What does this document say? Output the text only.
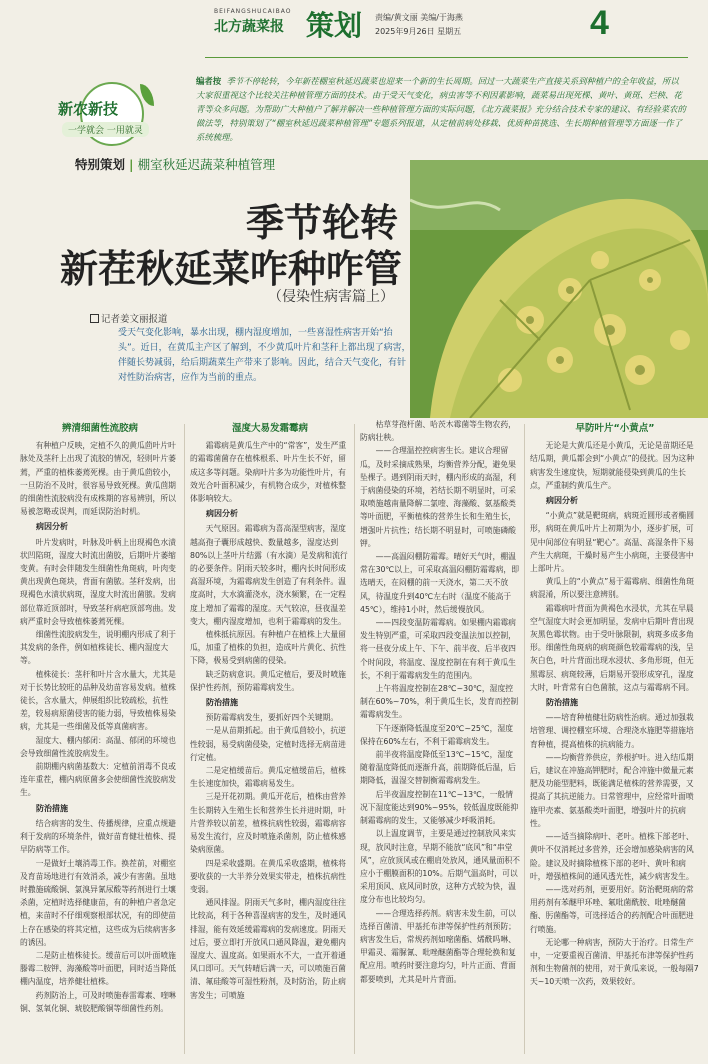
BEIFANGSHUCAIBAO
北方蔬菜报 策划 责编/黄文丽 美编/于海燕
2025年9月26日 星期五	4
新农新技
一学就会 一用就灵
编者按 季节不停轮转，今年新茬棚室秋延迟蔬菜也迎来一个新的生长周期。回过一大蔬菜生产直接关系到种植户的全年收益，所以大家很重视这个比较关注种植管理方面的技术。由于受天气变化，病虫害等不利因素影响，蔬菜易出现死棵、黄叶、黄斑、烂秧、花青等众多问题。为帮助广大种植户了解并解决一些种植管理方面的实际问题，《北方蔬菜报》充分结合技术专家的建议、有经验菜农的做法等，特别策划了“棚室秋延迟蔬菜种植管理”专题系列报道，从定植前病处移栽、优质种苗挑选、生长期种植管理等方面逐一作了系统梳理。
特别策划 | 棚室秋延迟蔬菜种植管理
季节轮转
新茬秋延菜咋种咋管
（侵染性病害篇上）
记者姜文丽报道
受天气变化影响，暴水出现，棚内湿度增加，一些喜湿性病害开始“抬头”。近日，在黄瓜主产区了解到，不少黄瓜叶片和茎秆上都出现了病害，伴随长势减弱，给后期蔬菜生产带来了影响。因此，结合天气变化，有针对性防治病害，应作为当前的重点。
辨清细菌性流胶病

有种植户反映，定植不久的黄瓜茴叶片叶脉处及茎秆上出现了流胶的情况，轻则叶片萎蔫，严重的植株萎蔫死棵。由于黄瓜茴较小，一旦防治不及时，很容易导致死棵。黄瓜茴期的细菌性流胶病没有成株期的容易辨别，所以易被忽略或误判，而延误防治时机。

病因分析

叶片发病时，叶脉及叶柄上出现褐色水渍状凹陷斑，湿度大时流出菌胶，后期叶片萎缩变黄。有时会伴随发生细菌性角斑病，叶肉变黄出现黄色斑块，背面有菌脓。茎秆发病，出现褐色水渍状病斑，湿度大时流出菌脓。发病部位靠近顶部时，导致茎秆病疤顶部弯曲。发病严重时会导致植株萎蔫死棵。

细菌性流胶病发生，说明棚内形成了利于其发病的条件，例如植株徒长、棚内湿度大等。

植株徒长：茎秆和叶片含水量大，尤其是对于长势比较旺的品种及幼苗容易发病。植株徒长，含水量大，伸展组织比较疏松，抗性差，较易病原菌侵害的能力弱，导致植株易染病，尤其是一些细菌及低等真菌病害。

湿度大、棚内郁闭：高温、郁闭的环境也会导致细菌性流胶病发生。

前期棚内病菌基数大：定植前消毒不良或连年重茬，棚内病原菌多会使细菌性流胶病发生。

防治措施

结合病害的发生、传播规律，应重点规避利于发病的环境条件，做好苗育健壮植株、提早防病等工作。

一是做好土壤消毒工作。换茬前，对棚室及育苗场地进行有效消杀，减少有害菌。虽地时撒施硫酸铜、氯溴异氰尿酸等药剂进行土壤杀菌，定植时选择健康苗，有的种植户者急定植，来苗时不仔细观察根部状况，有的即使苗上存在感染的将其定植，这些成为后续病害多的诱因。

二是防止植株徒长。缓苗后可以叶面喷施滕霉二胺钾、海藻酸等叶面肥，同时适当降低棚内温度，培养健壮植株。

药剂防治上，可及时喷施春雷霉素、喹啉铜、氢氧化铜、琥胶肥酸铜等细菌性药剂。

湿度大易发霜霉病

霜霉病是黄瓜生产中的“常客”，发生严重的霜霉菌菌存在植株根系、叶片生长不好，留成这多等问题。染病叶片多为功能性叶片，有效光合叶面积减少，有机物合成少，对植株整体影响较大。

病因分析

天气原因。霜霉病为喜高湿型病害，湿度越高孢子囊形成越快、数量越多，湿度达到80%以上茎叶片结露（有水滴）是发病和流行的必要条件。阴雨天较多时，棚内长时间形成高湿环境，为霜霉病发生创造了有利条件。温度高时，大水滴灌浇水，浇水频繁，在一定程度上增加了霜霉的湿度。天气较凉，昼夜温差变大，棚内湿度增加，也利于霜霉病的发生。

植株抵抗原因。有种植户在植株上大量留瓜，加重了植株的负担，造成叶片黄化、抗性下降，极易受到病菌的侵染。

缺乏防病意识。黄瓜定植后，要及时喷施保护性药剂，预防霜霉病发生。

防治措施

预防霜霉病发生，要抓好四个关键期。

一是从苗期抓起。由于黄瓜茴较小，抗逆性较弱，易受病菌侵染，定植时选择无病苗进行定植。

二是定植缓苗后。黄瓜定植缓苗后，植株生长速度加快，霜霉病易发生。

三是开花初期。黄瓜开花后，植株由营养生长期转入生殖生长和营养生长并进时期，叶片营养较以前差，植株抗病性较弱，霜霉病容易发生流行，应及时喷施杀菌剂，防止植株感染病原菌。

四是采收盛期。在黄瓜采收盛期，植株将要收获的一大半养分效果实带走，植株抗病性变弱。

通风排湿。阴雨天气多时，棚内湿度往往比较高，利于各种喜湿病害的发生，及时通风排湿，能有效延缓霜霉病的发病速度。阴雨天过后，要立即打开放风口通风降温，避免棚内湿度大、温度高。如果雨水不大，一直开着通风口即可。天气转晴后满一天，可以喷施百菌清、氟硅酸等可湿性粉剂，及时防治，防止病害发生；可喷施

枯草芽孢杆菌、哈茨木霉菌等生物农药，防病壮秧。

——合理温控控病害生长。建议合理留瓜，及时采摘成熟果，均衡营养分配，避免果坠棵子。遇到阴雨天时，棚内形成的高湿，利于病菌侵染的环境，若结长期不明显时，可采取喷施越南量降解二氯喹、海藻酸、氨基酸类等叶面肥，平衡植株的营养生长和生殖生长，增强叶片抗性；结长期不明显时，可喷施磷酸钾。

——高温闷棚防霜霉。晴好天气时，棚温常在30℃以上，可采取高温闷棚防霜霉病，即选晴天，在闷棚的前一天浇水，第二天不放风，待温度升到40℃左右时（温度不能高于45℃），维持1小时，然后缓慢放风。

——四段变温防霜霉病。如果棚内霜霉病发生特别严重，可采取四段变温法加以控制，将一昼夜分成上午、下午、前半夜、后半夜四个时间段，将温度、湿度控制在有利于黄瓜生长，不利于霜霉病发生的范围内。

上午将温度控制在28℃~30℃，湿度控制在60%~70%，利于黄瓜生长，发育而控制霜霉病发生。

下午逐渐降低温度至20℃~25℃，湿度保持在60%左右，不利于霜霉病发生。

前半夜将温度降低至13℃~15℃，湿度随着温度降低而逐渐升高，前期降低后温，后期降低，温湿交替制衡霜霉病发生。

后半夜温度控制在11℃~13℃，一般情况下湿度能达到90%~95%，较低温度既能抑制霜霉病的发生，又能够减少呼吸消耗。

以上温度调节，主要是通过控制放风来实现，放风时注意，早期不能放“底风”和“串堂风”，应放顶风或在棚肩处放风，通风量面积不应小于棚膜面积的10%。后期气温高时，可以采用顶风、底风同时放，这种方式较为快，温度分布也比较均匀。

——合理选择药剂。病害未发生前，可以选择百菌清、甲基托布津等保护性药剂预防；病害发生后，常规药剂如嘧菌酯、烯酰吗啉、甲霜灵、霜脲氰、吡唑醚菌酯等合理轮换和复配应用。喷药时要注意均匀，叶片正面、背面都要喷到，尤其是叶片背面。

早防叶片“小黄点”

无论是大黄瓜还是小黄瓜，无论是苗期还是结瓜期，黄瓜都会到“小黄点”的侵扰。因为这种病害发生速度快，短期就能侵染到黄瓜的生长点，严重制约黄瓜生产。

病因分析

“小黄点”就是靶斑病，病斑近圆形或者椭圆形，病斑在黄瓜叶片上初期为小，逐步扩展，可见中间部位有明显“靶心”。高温、高湿条件下易产生大病斑，干燥时易产生小病斑，主要侵害中上部叶片。

黄瓜上的“小黄点”易于霜霉病、细菌性角斑病混淆，所以要注意辨别。

霜霉病叶背面为黄褐色水浸状，尤其在早晨空气湿度大时会更加明显，发病中后期叶背出现灰黑色霉状物。由于受叶脉限制，病斑多成多角形。细菌性角斑病的病斑颜色较霜霉病的浅，呈灰白色，叶片背面出现水浸状、多角形斑，但无黑霉层、病斑较薄，后期易开裂形成穿孔，湿度大时，叶背常有白色菌脓，这点与霜霉病不同。

防治措施

——培育种植健壮防病性治病。通过加强栽培管理、调控棚室环境、合理浇水施肥等措施培育种植，提高植株的抗病能力。

——均衡营养供应，养根护叶。进入结瓜期后，建议在冲施高钾肥时，配合冲施中微量元素肥及功能型肥料，既能满足植株的营养需要，又提高了其抗逆能力。日常管理中，应经常叶面喷施甲壳素、氨基酸类叶面肥，增强叶片的抗病性。

——适当摘除病叶、老叶。植株下部老叶、黄叶不仅消耗过多营养，还会增加感染病害的风险。建议及时摘除植株下部的老叶、黄叶和病叶，增强植株间的通风透光性，减少病害发生。

——选对药剂，更要用好。防治靶斑病的常用药剂有苯醚甲环唑、氟吡菌酰胺、吡唑醚菌酯、肟菌酯等，可选择适合的药剂配合叶面肥进行喷施。

无论哪一种病害，预防大于治疗。日常生产中，一定要重视百菌清、甲基托布津等保护性药剂和生物菌剂的使用，对于黄瓜来说，一般每隔7天~10天喷一次药，效果较好。
